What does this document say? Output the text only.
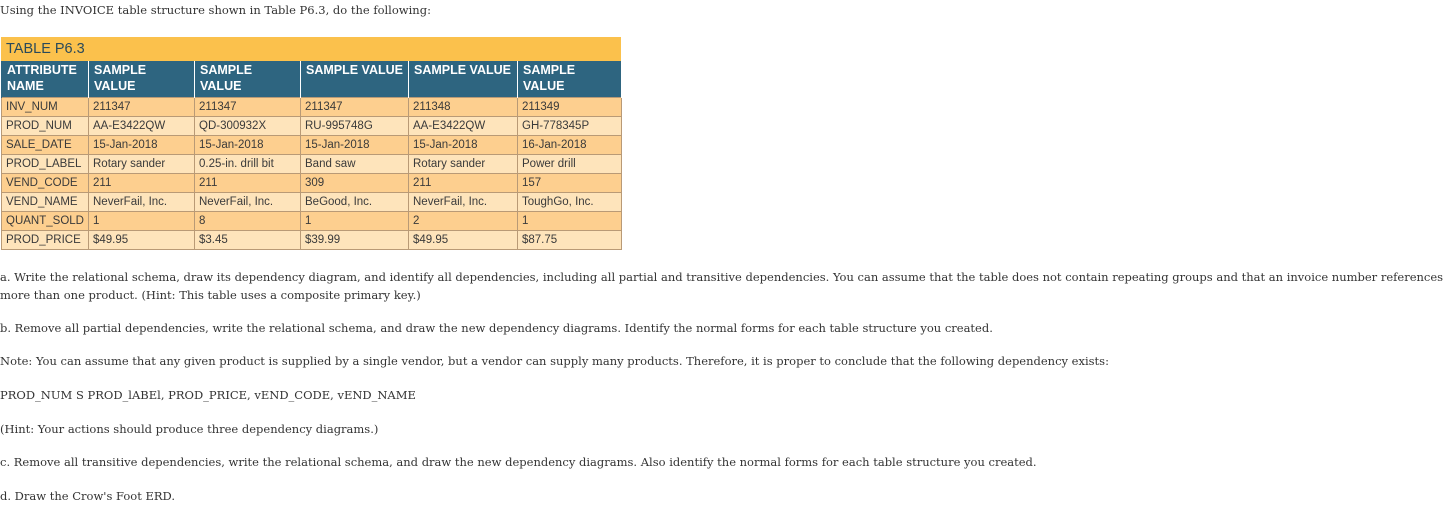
Using the INVOICE table structure shown in Table P6.3, do the following:
TABLE P6.3
ATTRIBUTE NAME	SAMPLE VALUE	SAMPLE VALUE	SAMPLE VALUE	SAMPLE VALUE	SAMPLE VALUE
INV_NUM	211347	211347	211347	211348	211349
PROD_NUM	AA-E3422QW	QD-300932X	RU-995748G	AA-E3422QW	GH-778345P
SALE_DATE	15-Jan-2018	15-Jan-2018	15-Jan-2018	15-Jan-2018	16-Jan-2018
PROD_LABEL	Rotary sander	0.25-in. drill bit	Band saw	Rotary sander	Power drill
VEND_CODE	211	211	309	211	157
VEND_NAME	NeverFail, Inc.	NeverFail, Inc.	BeGood, Inc.	NeverFail, Inc.	ToughGo, Inc.
QUANT_SOLD	1	8	1	2	1
PROD_PRICE	$49.95	$3.45	$39.99	$49.95	$87.75
a. Write the relational schema, draw its dependency diagram, and identify all dependencies, including all partial and transitive dependencies. You can assume that the table does not contain repeating groups and that an invoice number references more than one product. (Hint: This table uses a composite primary key.)
b. Remove all partial dependencies, write the relational schema, and draw the new dependency diagrams. Identify the normal forms for each table structure you created.
Note: You can assume that any given product is supplied by a single vendor, but a vendor can supply many products. Therefore, it is proper to conclude that the following dependency exists:
PROD_NUM S PROD_lABEl, PROD_PRICE, vEND_CODE, vEND_NAME
(Hint: Your actions should produce three dependency diagrams.)
c. Remove all transitive dependencies, write the relational schema, and draw the new dependency diagrams. Also identify the normal forms for each table structure you created.
d. Draw the Crow's Foot ERD.
